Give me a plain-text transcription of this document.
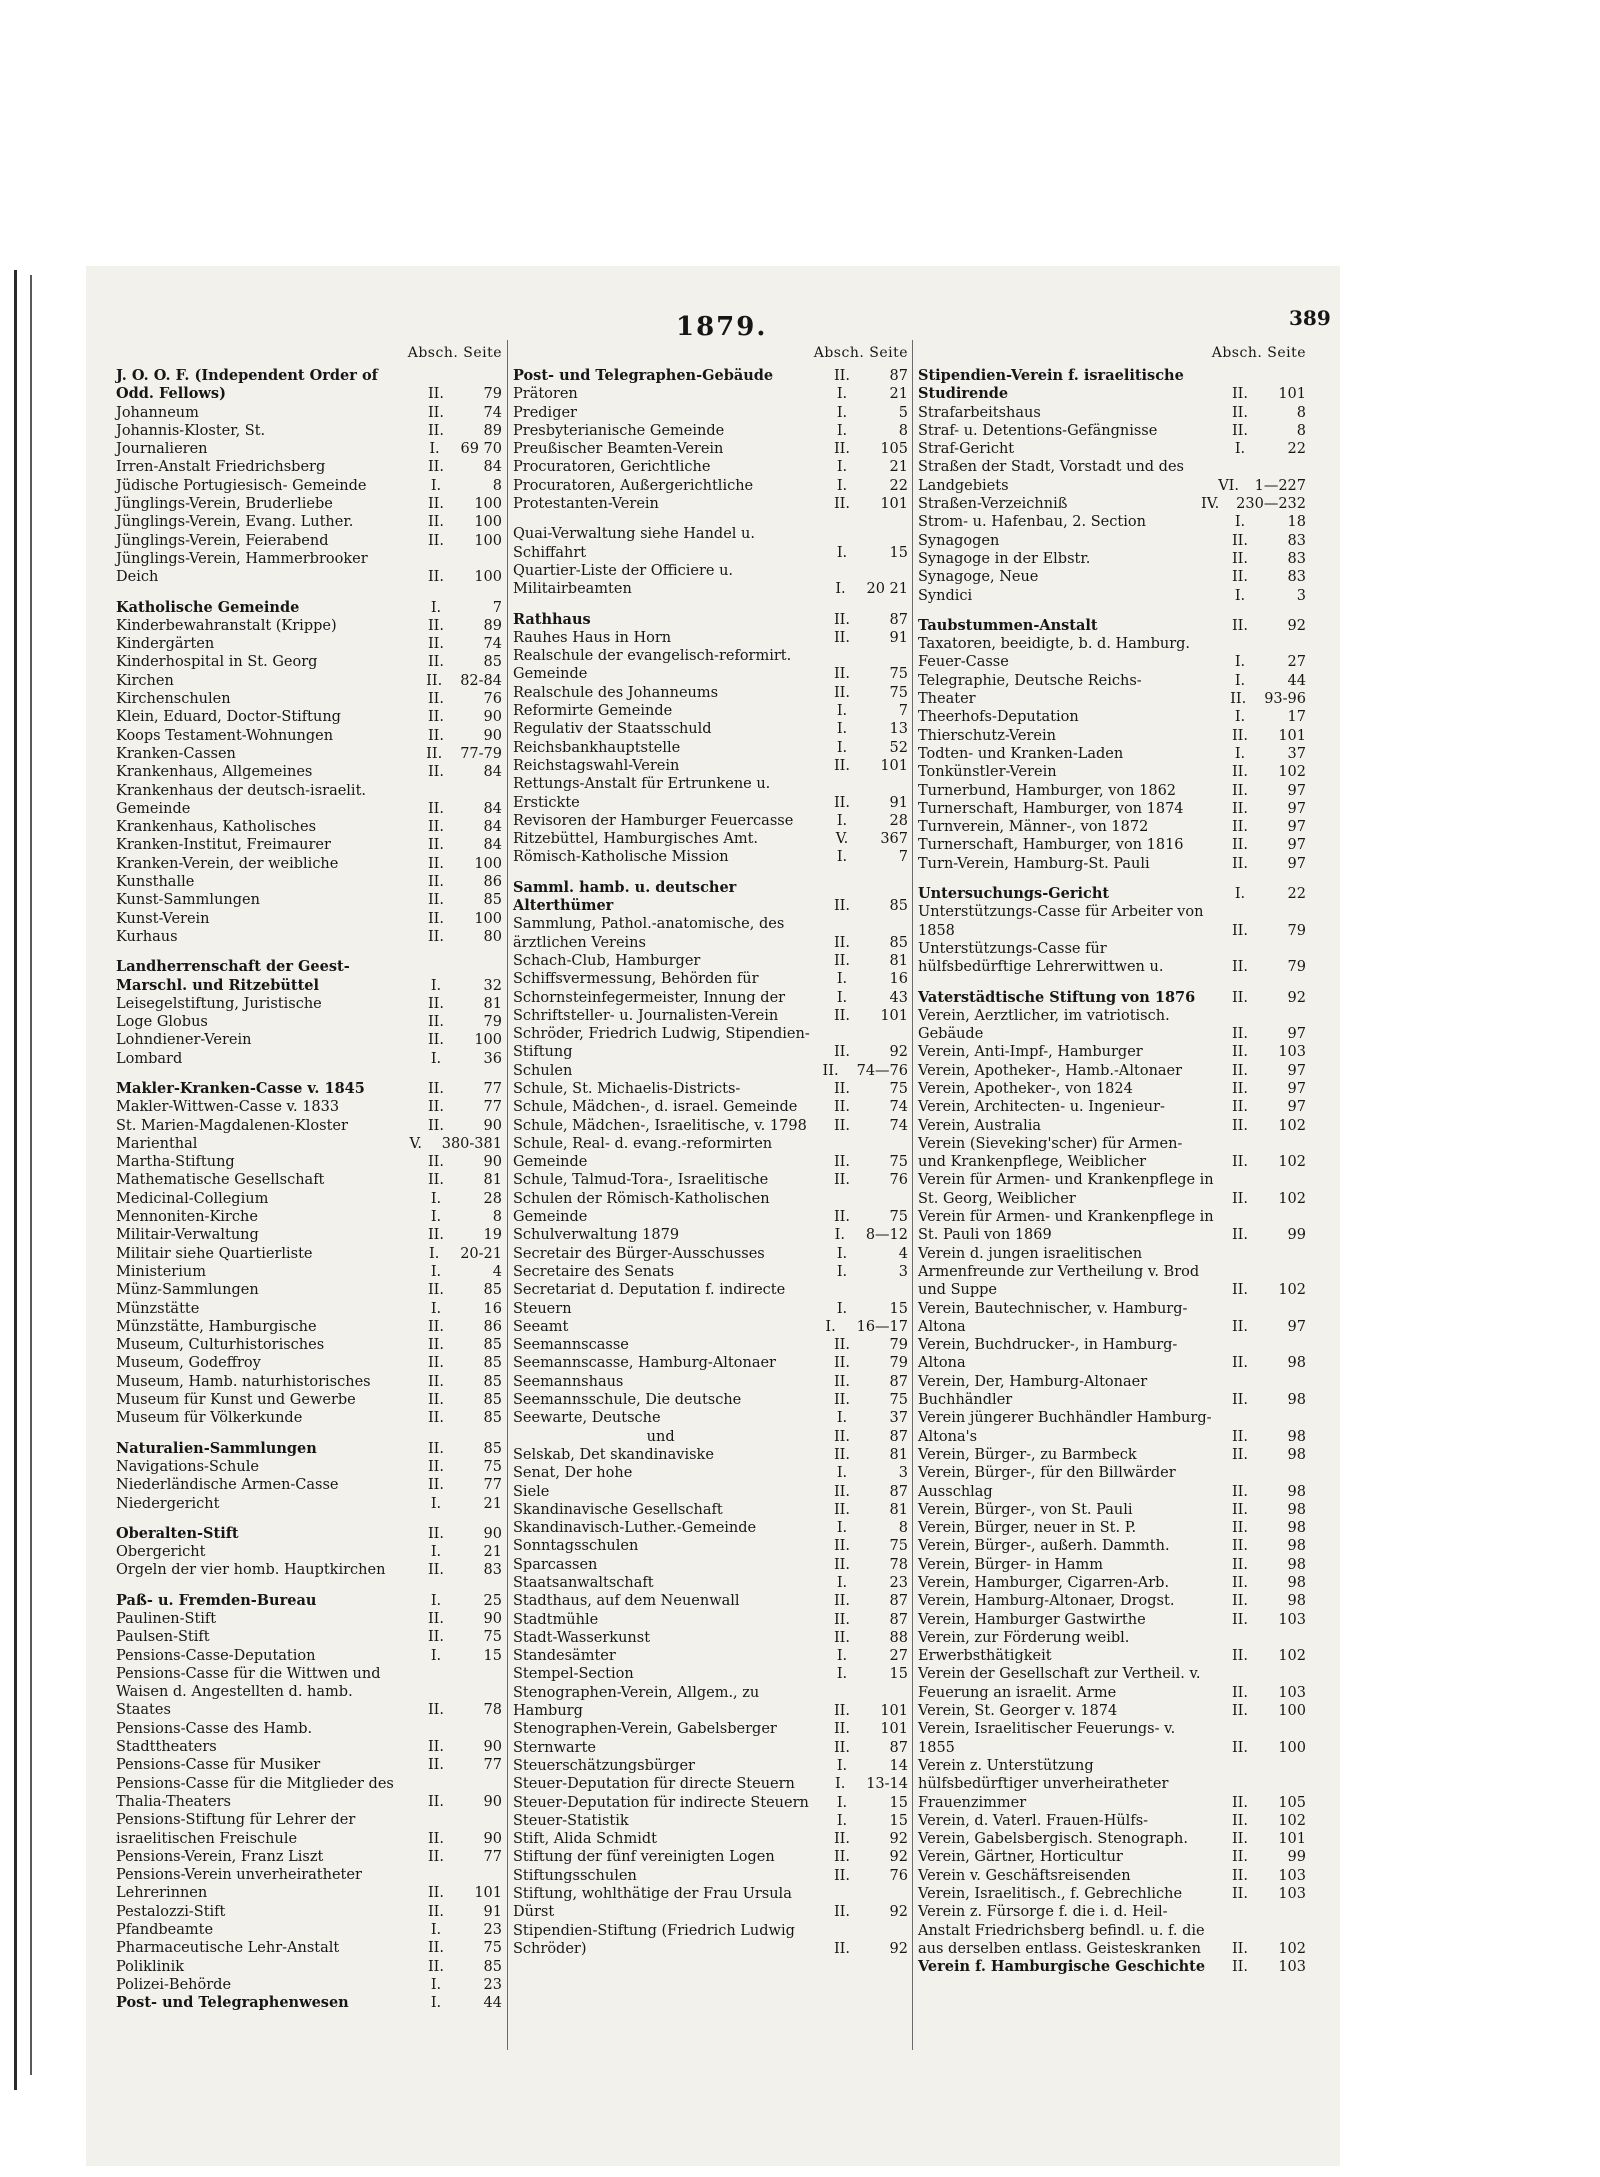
1879.	389
Absch. Seite
J. O. O. F. (Independent Order of Odd. Fellows)	II.	79
Johanneum	II.	74
Johannis-Kloster, St.	II.	89
Journalieren	I.	69 70
Irren-Anstalt Friedrichsberg	II.	84
Jüdische Portugiesisch- Gemeinde	I.	8
Jünglings-Verein, Bruderliebe	II.	100
Jünglings-Verein, Evang. Luther.	II.	100
Jünglings-Verein, Feierabend	II.	100
Jünglings-Verein, Hammerbrooker Deich	II.	100
Katholische Gemeinde	I.	7
Kinderbewahranstalt (Krippe)	II.	89
Kindergärten	II.	74
Kinderhospital in St. Georg	II.	85
Kirchen	II.	82-84
Kirchenschulen	II.	76
Klein, Eduard, Doctor-Stiftung	II.	90
Koops Testament-Wohnungen	II.	90
Kranken-Cassen	II.	77-79
Krankenhaus, Allgemeines	II.	84
Krankenhaus der deutsch-israelit. Gemeinde	II.	84
Krankenhaus, Katholisches	II.	84
Kranken-Institut, Freimaurer	II.	84
Kranken-Verein, der weibliche	II.	100
Kunsthalle	II.	86
Kunst-Sammlungen	II.	85
Kunst-Verein	II.	100
Kurhaus	II.	80
Landherrenschaft der Geest-Marschl. und Ritzebüttel	I.	32
Leisegelstiftung, Juristische	II.	81
Loge Globus	II.	79
Lohndiener-Verein	II.	100
Lombard	I.	36
Makler-Kranken-Casse v. 1845	II.	77
Makler-Wittwen-Casse v. 1833	II.	77
St. Marien-Magdalenen-Kloster	II.	90
Marienthal	V.	380-381
Martha-Stiftung	II.	90
Mathematische Gesellschaft	II.	81
Medicinal-Collegium	I.	28
Mennoniten-Kirche	I.	8
Militair-Verwaltung	II.	19
Militair siehe Quartierliste	I.	20-21
Ministerium	I.	4
Münz-Sammlungen	II.	85
Münzstätte	I.	16
Münzstätte, Hamburgische	II.	86
Museum, Culturhistorisches	II.	85
Museum, Godeffroy	II.	85
Museum, Hamb. naturhistorisches	II.	85
Museum für Kunst und Gewerbe	II.	85
Museum für Völkerkunde	II.	85
Naturalien-Sammlungen	II.	85
Navigations-Schule	II.	75
Niederländische Armen-Casse	II.	77
Niedergericht	I.	21
Oberalten-Stift	II.	90
Obergericht	I.	21
Orgeln der vier homb. Hauptkirchen	II.	83
Paß- u. Fremden-Bureau	I.	25
Paulinen-Stift	II.	90
Paulsen-Stift	II.	75
Pensions-Casse-Deputation	I.	15
Pensions-Casse für die Wittwen und Waisen d. Angestellten d. hamb. Staates	II.	78
Pensions-Casse des Hamb. Stadttheaters	II.	90
Pensions-Casse für Musiker	II.	77
Pensions-Casse für die Mitglieder des Thalia-Theaters	II.	90
Pensions-Stiftung für Lehrer der israelitischen Freischule	II.	90
Pensions-Verein, Franz Liszt	II.	77
Pensions-Verein unverheiratheter Lehrerinnen	II.	101
Pestalozzi-Stift	II.	91
Pfandbeamte	I.	23
Pharmaceutische Lehr-Anstalt	II.	75
Poliklinik	II.	85
Polizei-Behörde	I.	23
Post- und Telegraphenwesen	I.	44
Absch. Seite
Post- und Telegraphen-Gebäude	II.	87
Prätoren	I.	21
Prediger	I.	5
Presbyterianische Gemeinde	I.	8
Preußischer Beamten-Verein	II.	105
Procuratoren, Gerichtliche	I.	21
Procuratoren, Außergerichtliche	I.	22
Protestanten-Verein	II.	101
Quai-Verwaltung siehe Handel u. Schiffahrt	I.	15
Quartier-Liste der Officiere u. Militairbeamten	I.	20 21
Rathhaus	II.	87
Rauhes Haus in Horn	II.	91
Realschule der evangelisch-reformirt. Gemeinde	II.	75
Realschule des Johanneums	II.	75
Reformirte Gemeinde	I.	7
Regulativ der Staatsschuld	I.	13
Reichsbankhauptstelle	I.	52
Reichstagswahl-Verein	II.	101
Rettungs-Anstalt für Ertrunkene u. Erstickte	II.	91
Revisoren der Hamburger Feuercasse	I.	28
Ritzebüttel, Hamburgisches Amt.	V.	367
Römisch-Katholische Mission	I.	7
Samml. hamb. u. deutscher Alterthümer	II.	85
Sammlung, Pathol.-anatomische, des ärztlichen Vereins	II.	85
Schach-Club, Hamburger	II.	81
Schiffsvermessung, Behörden für	I.	16
Schornsteinfegermeister, Innung der	I.	43
Schriftsteller- u. Journalisten-Verein	II.	101
Schröder, Friedrich Ludwig, Stipendien-Stiftung	II.	92
Schulen	II.	74—76
Schule, St. Michaelis-Districts-	II.	75
Schule, Mädchen-, d. israel. Gemeinde	II.	74
Schule, Mädchen-, Israelitische, v. 1798	II.	74
Schule, Real- d. evang.-reformirten Gemeinde	II.	75
Schule, Talmud-Tora-, Israelitische	II.	76
Schulen der Römisch-Katholischen Gemeinde	II.	75
Schulverwaltung 1879	I.	8—12
Secretair des Bürger-Ausschusses	I.	4
Secretaire des Senats	I.	3
Secretariat d. Deputation f. indirecte Steuern	I.	15
Seeamt	I.	16—17
Seemannscasse	II.	79
Seemannscasse, Hamburg-Altonaer	II.	79
Seemannshaus	II.	87
Seemannsschule, Die deutsche	II.	75
Seewarte, Deutsche	I.	37
und	II.	87
Selskab, Det skandinaviske	II.	81
Senat, Der hohe	I.	3
Siele	II.	87
Skandinavische Gesellschaft	II.	81
Skandinavisch-Luther.-Gemeinde	I.	8
Sonntagsschulen	II.	75
Sparcassen	II.	78
Staatsanwaltschaft	I.	23
Stadthaus, auf dem Neuenwall	II.	87
Stadtmühle	II.	87
Stadt-Wasserkunst	II.	88
Standesämter	I.	27
Stempel-Section	I.	15
Stenographen-Verein, Allgem., zu Hamburg	II.	101
Stenographen-Verein, Gabelsberger	II.	101
Sternwarte	II.	87
Steuerschätzungsbürger	I.	14
Steuer-Deputation für directe Steuern	I.	13-14
Steuer-Deputation für indirecte Steuern	I.	15
Steuer-Statistik	I.	15
Stift, Alida Schmidt	II.	92
Stiftung der fünf vereinigten Logen	II.	92
Stiftungsschulen	II.	76
Stiftung, wohlthätige der Frau Ursula Dürst	II.	92
Stipendien-Stiftung (Friedrich Ludwig Schröder)	II.	92
Absch. Seite
Stipendien-Verein f. israelitische Studirende	II.	101
Strafarbeitshaus	II.	8
Straf- u. Detentions-Gefängnisse	II.	8
Straf-Gericht	I.	22
Straßen der Stadt, Vorstadt und des Landgebiets	VI.	1—227
Straßen-Verzeichniß	IV.	230—232
Strom- u. Hafenbau, 2. Section	I.	18
Synagogen	II.	83
Synagoge in der Elbstr.	II.	83
Synagoge, Neue	II.	83
Syndici	I.	3
Taubstummen-Anstalt	II.	92
Taxatoren, beeidigte, b. d. Hamburg. Feuer-Casse	I.	27
Telegraphie, Deutsche Reichs-	I.	44
Theater	II.	93-96
Theerhofs-Deputation	I.	17
Thierschutz-Verein	II.	101
Todten- und Kranken-Laden	I.	37
Tonkünstler-Verein	II.	102
Turnerbund, Hamburger, von 1862	II.	97
Turnerschaft, Hamburger, von 1874	II.	97
Turnverein, Männer-, von 1872	II.	97
Turnerschaft, Hamburger, von 1816	II.	97
Turn-Verein, Hamburg-St. Pauli	II.	97
Untersuchungs-Gericht	I.	22
Unterstützungs-Casse für Arbeiter von 1858	II.	79
Unterstützungs-Casse für hülfsbedürftige Lehrerwittwen u.	II.	79
Vaterstädtische Stiftung von 1876	II.	92
Verein, Aerztlicher, im vatriotisch. Gebäude	II.	97
Verein, Anti-Impf-, Hamburger	II.	103
Verein, Apotheker-, Hamb.-Altonaer	II.	97
Verein, Apotheker-, von 1824	II.	97
Verein, Architecten- u. Ingenieur-	II.	97
Verein, Australia	II.	102
Verein (Sieveking'scher) für Armen- und Krankenpflege, Weiblicher	II.	102
Verein für Armen- und Krankenpflege in St. Georg, Weiblicher	II.	102
Verein für Armen- und Krankenpflege in St. Pauli von 1869	II.	99
Verein d. jungen israelitischen Armenfreunde zur Vertheilung v. Brod und Suppe	II.	102
Verein, Bautechnischer, v. Hamburg-Altona	II.	97
Verein, Buchdrucker-, in Hamburg-Altona	II.	98
Verein, Der, Hamburg-Altonaer Buchhändler	II.	98
Verein jüngerer Buchhändler Hamburg-Altona's	II.	98
Verein, Bürger-, zu Barmbeck	II.	98
Verein, Bürger-, für den Billwärder Ausschlag	II.	98
Verein, Bürger-, von St. Pauli	II.	98
Verein, Bürger, neuer in St. P.	II.	98
Verein, Bürger-, außerh. Dammth.	II.	98
Verein, Bürger- in Hamm	II.	98
Verein, Hamburger, Cigarren-Arb.	II.	98
Verein, Hamburg-Altonaer, Drogst.	II.	98
Verein, Hamburger Gastwirthe	II.	103
Verein, zur Förderung weibl. Erwerbsthätigkeit	II.	102
Verein der Gesellschaft zur Vertheil. v. Feuerung an israelit. Arme	II.	103
Verein, St. Georger v. 1874	II.	100
Verein, Israelitischer Feuerungs- v. 1855	II.	100
Verein z. Unterstützung hülfsbedürftiger unverheiratheter Frauenzimmer	II.	105
Verein, d. Vaterl. Frauen-Hülfs-	II.	102
Verein, Gabelsbergisch. Stenograph.	II.	101
Verein, Gärtner, Horticultur	II.	99
Verein v. Geschäftsreisenden	II.	103
Verein, Israelitisch., f. Gebrechliche	II.	103
Verein z. Fürsorge f. die i. d. Heil-Anstalt Friedrichsberg befindl. u. f. die aus derselben entlass. Geisteskranken	II.	102
Verein f. Hamburgische Geschichte	II.	103
